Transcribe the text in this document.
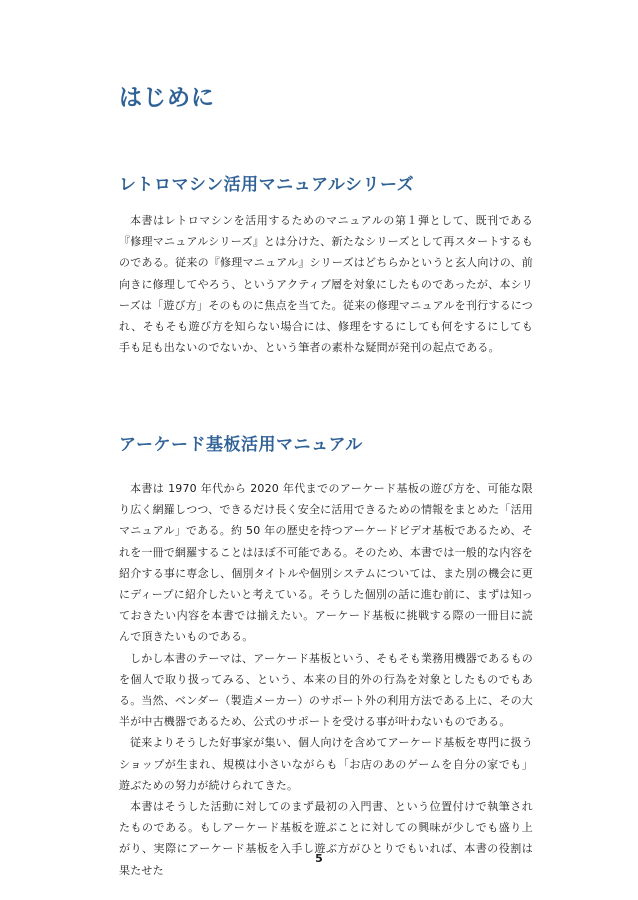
はじめに
レトロマシン活用マニュアルシリーズ

本書はレトロマシンを活用するためのマニュアルの第１弾として、既刊である『修理マニュアルシリーズ』とは分けた、新たなシリーズとして再スタートするものである。従来の『修理マニュアル』シリーズはどちらかというと玄人向けの、前向きに修理してやろう、というアクティブ層を対象にしたものであったが、本シリーズは「遊び方」そのものに焦点を当てた。従来の修理マニュアルを刊行するにつれ、そもそも遊び方を知らない場合には、修理をするにしても何をするにしても手も足も出ないのでないか、という筆者の素朴な疑問が発刊の起点である。

アーケード基板活用マニュアル

本書は 1970 年代から 2020 年代までのアーケード基板の遊び方を、可能な限り広く網羅しつつ、できるだけ長く安全に活用できるための情報をまとめた「活用マニュアル」である。約 50 年の歴史を持つアーケードビデオ基板であるため、それを一冊で網羅することはほぼ不可能である。そのため、本書では一般的な内容を紹介する事に専念し、個別タイトルや個別システムについては、また別の機会に更にディープに紹介したいと考えている。そうした個別の話に進む前に、まずは知っておきたい内容を本書では揃えたい。アーケード基板に挑戦する際の一冊目に読んで頂きたいものである。

しかし本書のテーマは、アーケード基板という、そもそも業務用機器であるものを個人で取り扱ってみる、という、本来の目的外の行為を対象としたものでもある。当然、ベンダー（製造メーカー）のサポート外の利用方法である上に、その大半が中古機器であるため、公式のサポートを受ける事が叶わないものである。

従来よりそうした好事家が集い、個人向けを含めてアーケード基板を専門に扱うショップが生まれ、規模は小さいながらも「お店のあのゲームを自分の家でも」遊ぶための努力が続けられてきた。

本書はそうした活動に対してのまず最初の入門書、という位置付けで執筆されたものである。もしアーケード基板を遊ぶことに対しての興味が少しでも盛り上がり、実際にアーケード基板を入手し遊ぶ方がひとりでもいれば、本書の役割は果たせた

5
